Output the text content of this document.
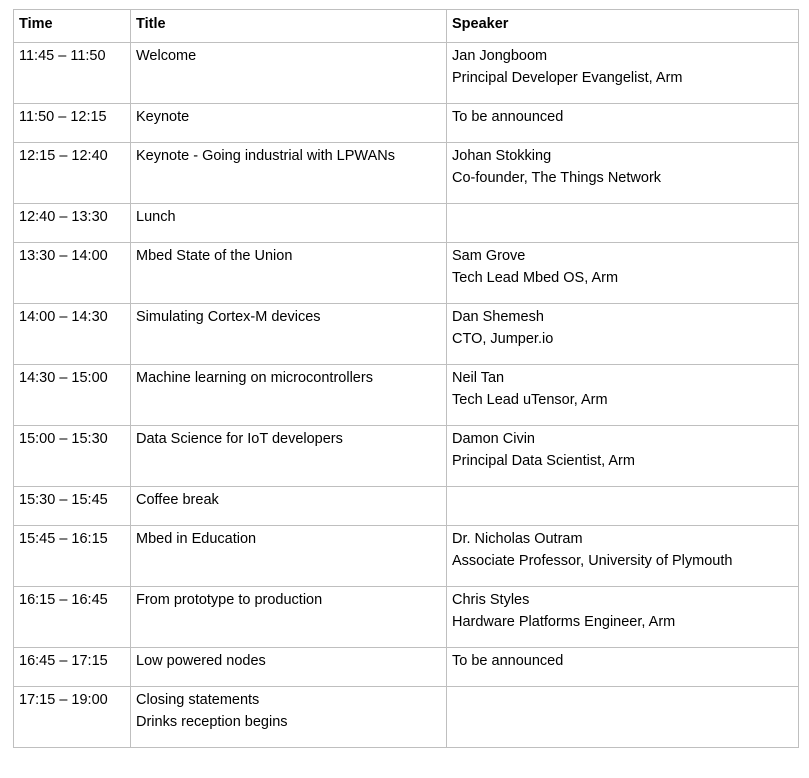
Time	Title	Speaker

11:45 – 11:50	Welcome	Jan Jongboom
Principal Developer Evangelist, Arm

11:50 – 12:15	Keynote	To be announced

12:15 – 12:40	Keynote - Going industrial with LPWANs	Johan Stokking
Co-founder, The Things Network

12:40 – 13:30	Lunch	

13:30 – 14:00	Mbed State of the Union	Sam Grove
Tech Lead Mbed OS, Arm

14:00 – 14:30	Simulating Cortex-M devices	Dan Shemesh
CTO, Jumper.io

14:30 – 15:00	Machine learning on microcontrollers	Neil Tan
Tech Lead uTensor, Arm

15:00 – 15:30	Data Science for IoT developers	Damon Civin
Principal Data Scientist, Arm

15:30 – 15:45	Coffee break	

15:45 – 16:15	Mbed in Education	Dr. Nicholas Outram
Associate Professor, University of Plymouth

16:15 – 16:45	From prototype to production	Chris Styles
Hardware Platforms Engineer, Arm

16:45 – 17:15	Low powered nodes	To be announced

17:15 – 19:00	Closing statements
Drinks reception begins	
